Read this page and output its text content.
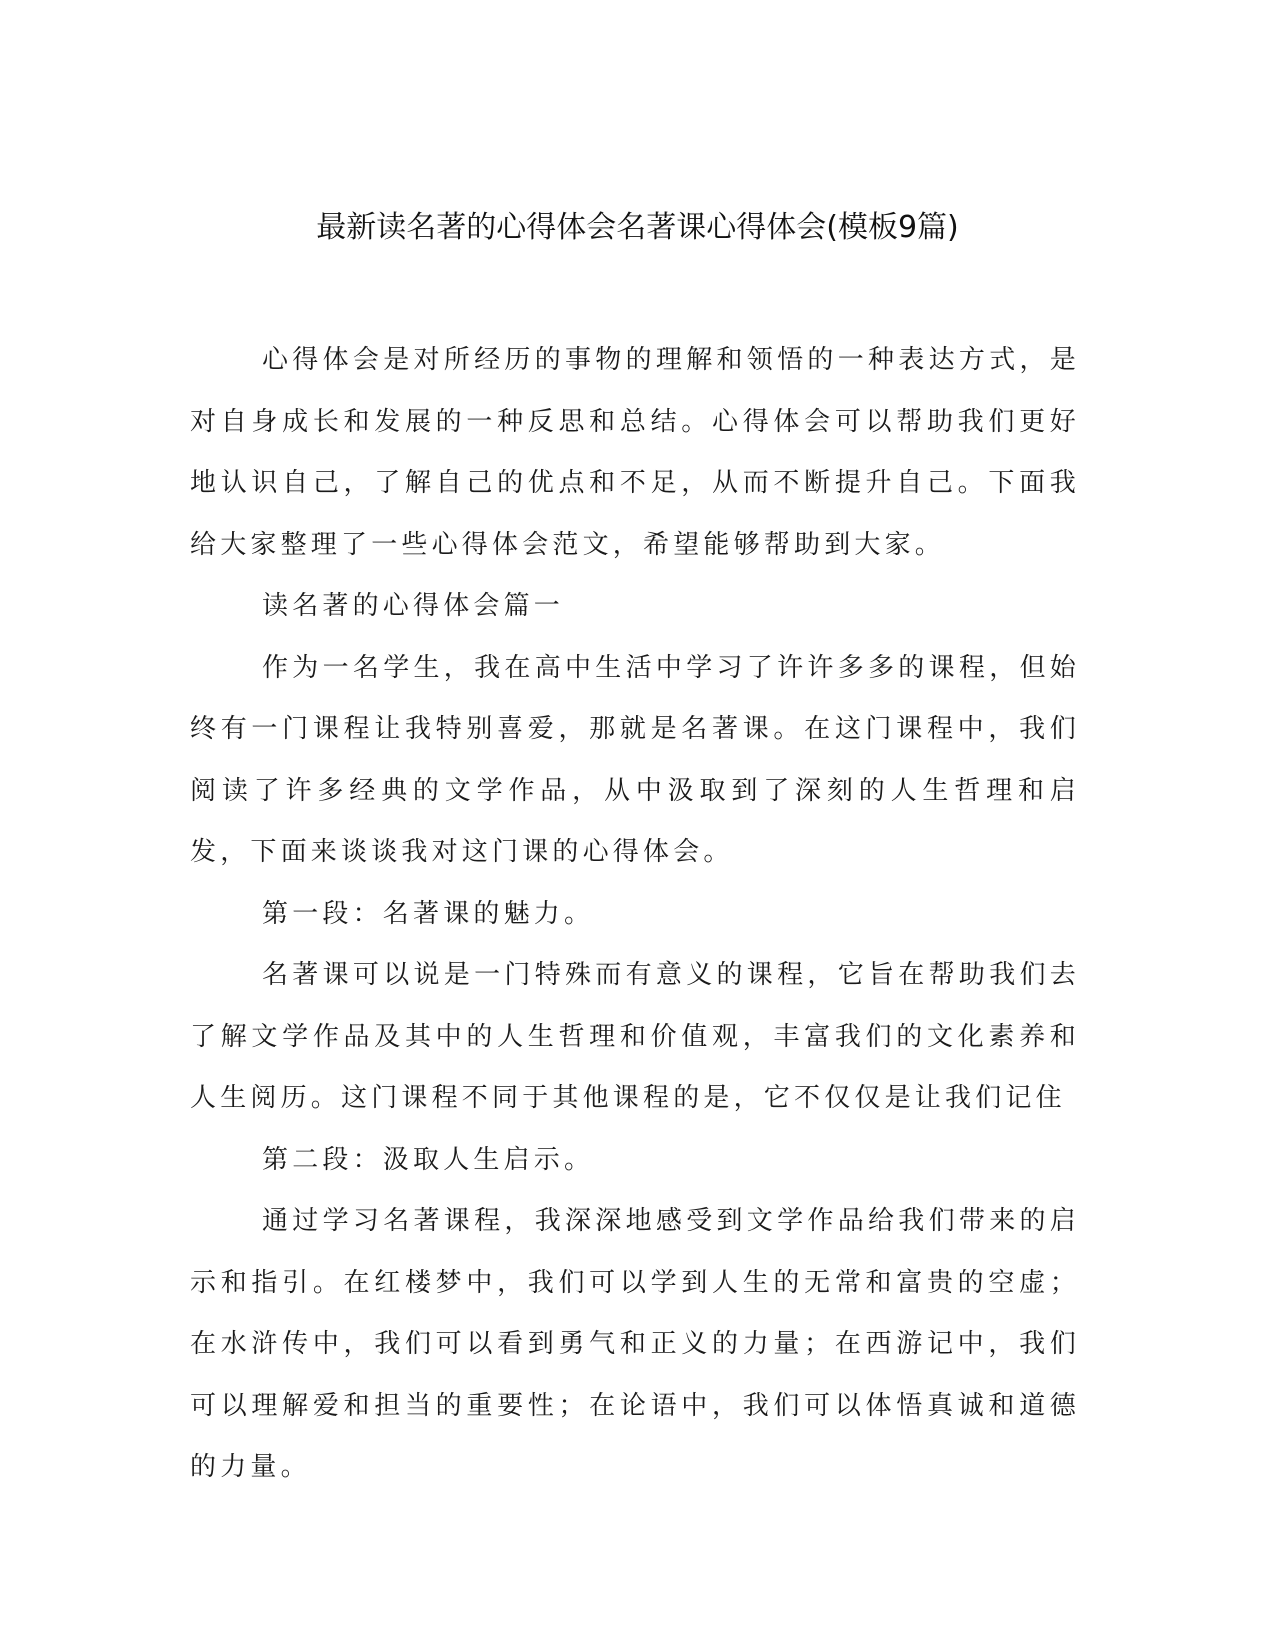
最新读名著的心得体会名著课心得体会(模板9篇)

心得体会是对所经历的事物的理解和领悟的一种表达方式，是对自身成长和发展的一种反思和总结。心得体会可以帮助我们更好地认识自己，了解自己的优点和不足，从而不断提升自己。下面我给大家整理了一些心得体会范文，希望能够帮助到大家。

读名著的心得体会篇一

作为一名学生，我在高中生活中学习了许许多多的课程，但始终有一门课程让我特别喜爱，那就是名著课。在这门课程中，我们阅读了许多经典的文学作品，从中汲取到了深刻的人生哲理和启发，下面来谈谈我对这门课的心得体会。

第一段：名著课的魅力。

名著课可以说是一门特殊而有意义的课程，它旨在帮助我们去了解文学作品及其中的人生哲理和价值观，丰富我们的文化素养和人生阅历。这门课程不同于其他课程的是，它不仅仅是让我们记住

第二段：汲取人生启示。

通过学习名著课程，我深深地感受到文学作品给我们带来的启示和指引。在红楼梦中，我们可以学到人生的无常和富贵的空虚；在水浒传中，我们可以看到勇气和正义的力量；在西游记中，我们可以理解爱和担当的重要性；在论语中，我们可以体悟真诚和道德的力量。
